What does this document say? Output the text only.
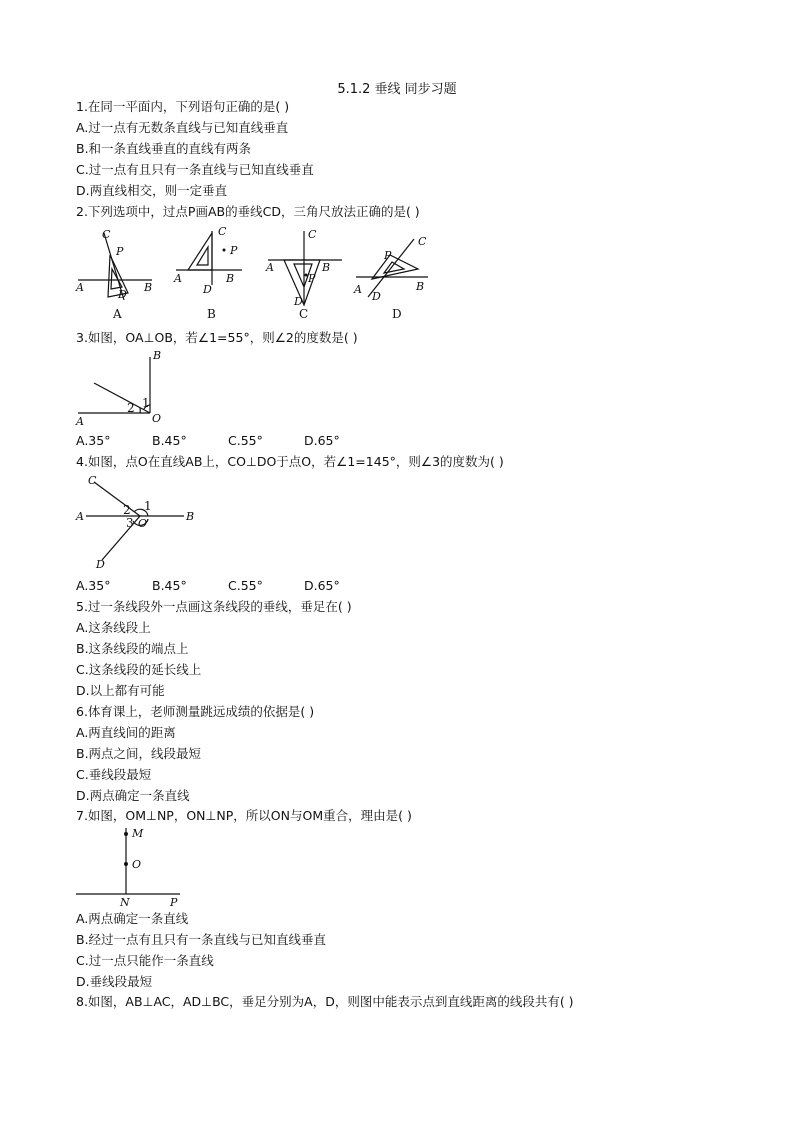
5.1.2 垂线 同步习题
1.在同一平面内，下列语句正确的是( )
A.过一点有无数条直线与已知直线垂直
B.和一条直线垂直的直线有两条
C.过一点有且只有一条直线与已知直线垂直
D.两直线相交，则一定垂直
2.下列选项中，过点P画AB的垂线CD，三角尺放法正确的是( )
C
P
A
D
B
A
C
P
A
D
B
B
C
A
P
B
D
C
C
P
A
D
B
D
3.如图，OA⊥OB，若∠1=55°，则∠2的度数是( )
B
2 1
A	O
A.35°	B.45°	C.55°	D.65°
4.如图，点O在直线AB上，CO⊥DO于点O，若∠1=145°，则∠3的度数为( )
C
1
2
A	B
3 O
D
A.35°	B.45°	C.55°	D.65°
5.过一条线段外一点画这条线段的垂线，垂足在( )
A.这条线段上
B.这条线段的端点上
C.这条线段的延长线上
D.以上都有可能
6.体育课上，老师测量跳远成绩的依据是( )
A.两直线间的距离
B.两点之间，线段最短
C.垂线段最短
D.两点确定一条直线
7.如图，OM⊥NP，ON⊥NP，所以ON与OM重合，理由是( )
M
O
N	P
A.两点确定一条直线
B.经过一点有且只有一条直线与已知直线垂直
C.过一点只能作一条直线
D.垂线段最短
8.如图，AB⊥AC，AD⊥BC，垂足分别为A，D，则图中能表示点到直线距离的线段共有( )
